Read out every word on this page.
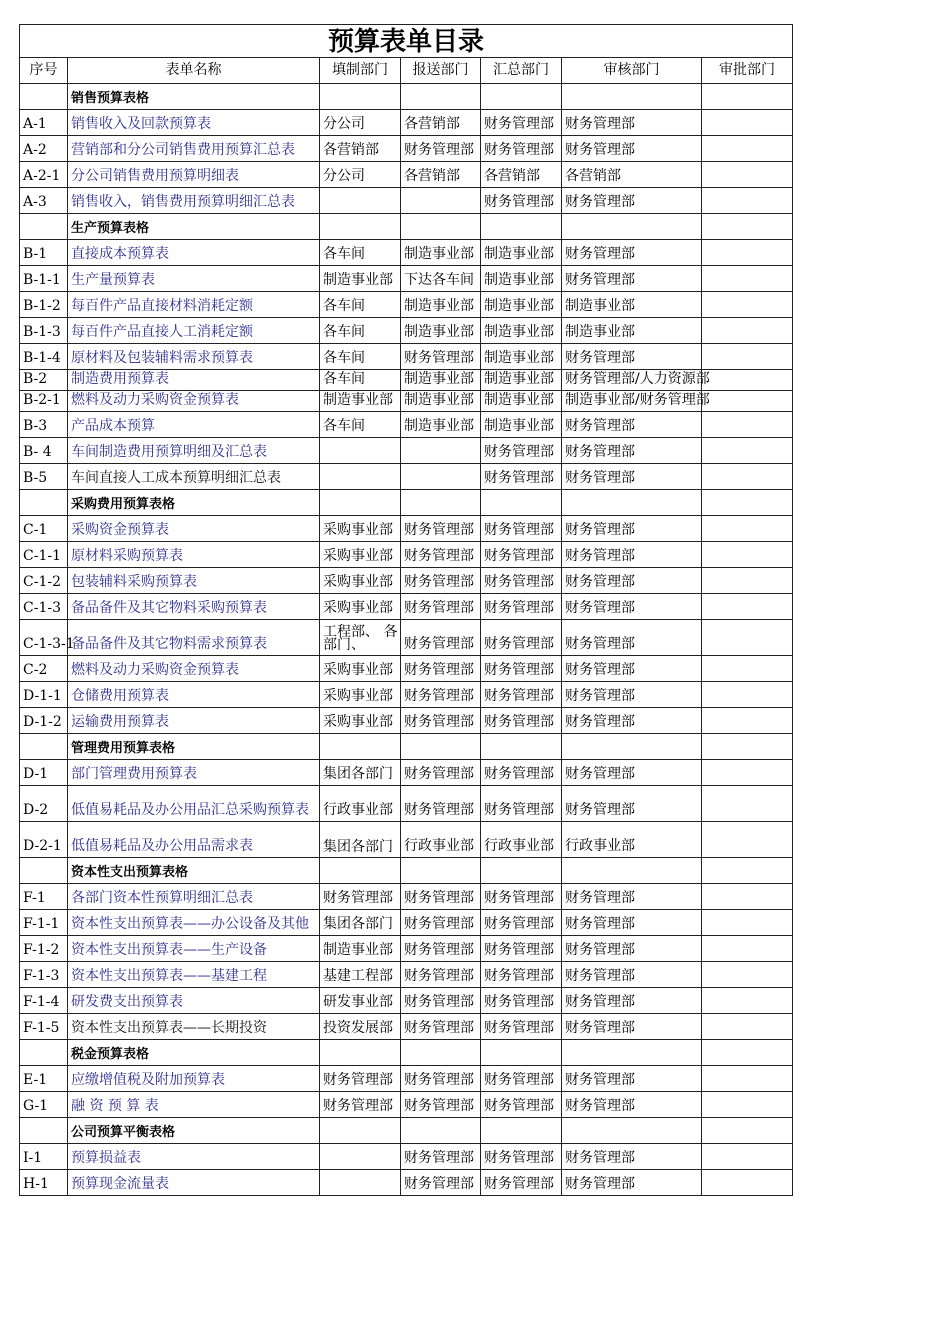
预算表单目录						
序号	表单名称	填制部门	报送部门	汇总部门	审核部门	审批部门
	销售预算表格					
A-1	销售收入及回款预算表	分公司	各营销部	财务管理部	财务管理部	
A-2	营销部和分公司销售费用预算汇总表	各营销部	财务管理部	财务管理部	财务管理部	
A-2-1	分公司销售费用预算明细表	分公司	各营销部	各营销部	各营销部	
A-3	销售收入，销售费用预算明细汇总表			财务管理部	财务管理部	
	生产预算表格					
B-1	直接成本预算表	各车间	制造事业部	制造事业部	财务管理部	
B-1-1	生产量预算表	制造事业部	下达各车间	制造事业部	财务管理部	
B-1-2	每百件产品直接材料消耗定额	各车间	制造事业部	制造事业部	制造事业部	
B-1-3	每百件产品直接人工消耗定额	各车间	制造事业部	制造事业部	制造事业部	
B-1-4	原材料及包装辅料需求预算表	各车间	财务管理部	制造事业部	财务管理部	
B-2	制造费用预算表	各车间	制造事业部	制造事业部	财务管理部/人力资源部	
B-2-1	燃料及动力采购资金预算表	制造事业部	制造事业部	制造事业部	制造事业部/财务管理部	
B-3	产品成本预算	各车间	制造事业部	制造事业部	财务管理部	
B- 4	车间制造费用预算明细及汇总表			财务管理部	财务管理部	
B-5	车间直接人工成本预算明细汇总表			财务管理部	财务管理部	
	采购费用预算表格					
C-1	采购资金预算表	采购事业部	财务管理部	财务管理部	财务管理部	
C-1-1	原材料采购预算表	采购事业部	财务管理部	财务管理部	财务管理部	
C-1-2	包装辅料采购预算表	采购事业部	财务管理部	财务管理部	财务管理部	
C-1-3	备品备件及其它物料采购预算表	采购事业部	财务管理部	财务管理部	财务管理部	
C-1-3-1	备品备件及其它物料需求预算表	工程部、 各部门、	财务管理部	财务管理部	财务管理部	
C-2	燃料及动力采购资金预算表	采购事业部	财务管理部	财务管理部	财务管理部	
D-1-1	仓储费用预算表	采购事业部	财务管理部	财务管理部	财务管理部	
D-1-2	运输费用预算表	采购事业部	财务管理部	财务管理部	财务管理部	
	管理费用预算表格					
D-1	部门管理费用预算表	集团各部门	财务管理部	财务管理部	财务管理部	
D-2	低值易耗品及办公用品汇总采购预算表	行政事业部	财务管理部	财务管理部	财务管理部	
D-2-1	低值易耗品及办公用品需求表	集团各部门	行政事业部	行政事业部	行政事业部	
	资本性支出预算表格					
F-1	各部门资本性预算明细汇总表	财务管理部	财务管理部	财务管理部	财务管理部	
F-1-1	资本性支出预算表——办公设备及其他	集团各部门	财务管理部	财务管理部	财务管理部	
F-1-2	资本性支出预算表——生产设备	制造事业部	财务管理部	财务管理部	财务管理部	
F-1-3	资本性支出预算表——基建工程	基建工程部	财务管理部	财务管理部	财务管理部	
F-1-4	研发费支出预算表	研发事业部	财务管理部	财务管理部	财务管理部	
F-1-5	资本性支出预算表——长期投资	投资发展部	财务管理部	财务管理部	财务管理部	
	税金预算表格					
E-1	应缴增值税及附加预算表	财务管理部	财务管理部	财务管理部	财务管理部	
G-1	融 资 预 算 表	财务管理部	财务管理部	财务管理部	财务管理部	
	公司预算平衡表格					
I-1	预算损益表		财务管理部	财务管理部	财务管理部	
H-1	预算现金流量表		财务管理部	财务管理部	财务管理部	
